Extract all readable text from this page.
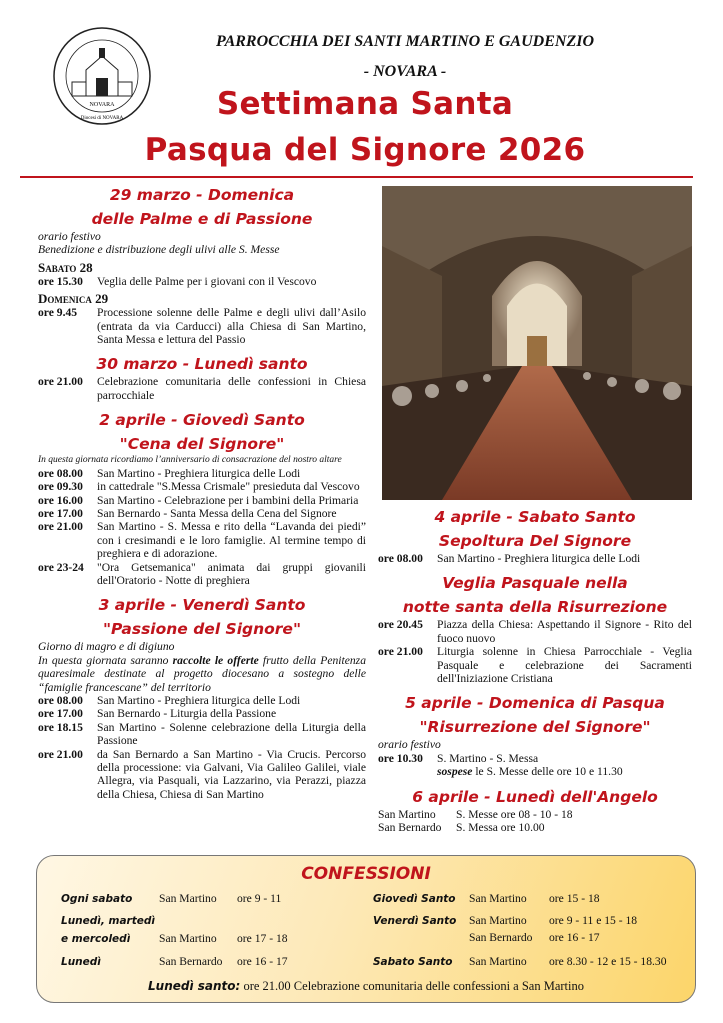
NOVARA
Diocesi di NOVARA
PARROCCHIA DEI SANTI MARTINO E GAUDENZIO
- NOVARA -
Settimana Santa
Pasqua del Signore 2026
29 marzo - Domenica
delle Palme e di Passione
orario festivo
Benedizione e distribuzione degli ulivi alle S. Messe
Sabato 28
ore 15.30	Veglia delle Palme per i giovani con il Vescovo
Domenica 29
ore 9.45	Processione solenne delle Palme e degli ulivi dall’Asilo (entrata da via Carducci) alla Chiesa di San Martino, Santa Messa e lettura del Passio
30 marzo - Lunedì santo
ore 21.00	Celebrazione comunitaria delle confessioni in Chiesa parrocchiale
2 aprile - Giovedì Santo
"Cena del Signore"
In questa giornata ricordiamo l’anniversario di consacrazione del nostro altare
ore 08.00	San Martino - Preghiera liturgica delle Lodi
ore 09.30	in cattedrale "S.Messa Crismale" presieduta dal Vescovo
ore 16.00	San Martino - Celebrazione per i bambini della Primaria
ore 17.00	San Bernardo - Santa Messa della Cena del Signore
ore 21.00	San Martino - S. Messa e rito della “Lavanda dei piedi” con i cresimandi e le loro famiglie. Al termine tempo di preghiera e di adorazione.
ore 23-24	"Ora Getsemanica" animata dai gruppi giovanili dell'Oratorio - Notte di preghiera
3 aprile - Venerdì Santo
"Passione del Signore"
Giorno di magro e di digiuno
In questa giornata saranno raccolte le offerte frutto della Penitenza quaresimale destinate al progetto diocesano a sostegno delle “famiglie francescane” del territorio
ore 08.00	San Martino - Preghiera liturgica delle Lodi
ore 17.00	San Bernardo - Liturgia della Passione
ore 18.15	San Martino - Solenne celebrazione della Liturgia della Passione
ore 21.00	da San Bernardo a San Martino - Via Crucis. Percorso della processione: via Galvani, Via Galileo Galilei, viale Allegra, via Pasquali, via Lazzarino, via Perazzi, piazza della Chiesa, Chiesa di San Martino
4 aprile - Sabato Santo
Sepoltura Del Signore
ore 08.00	San Martino - Preghiera liturgica delle Lodi
Veglia Pasquale nella
notte santa della Risurrezione
ore 20.45	Piazza della Chiesa: Aspettando il Signore - Rito del fuoco nuovo
ore 21.00	Liturgia solenne in Chiesa Parrocchiale - Veglia Pasquale e celebrazione dei Sacramenti dell'Iniziazione Cristiana
5 aprile - Domenica di Pasqua
"Risurrezione del Signore"
orario festivo
ore 10.30	S. Martino - S. Messa
sospese le S. Messe delle ore 10 e 11.30
6 aprile - Lunedì dell'Angelo
San Martino	S. Messe ore 08 - 10 - 18
San Bernardo	S. Messa ore 10.00
CONFESSIONI
Ogni sabato San Martino ore 9 - 11
Lunedì, martedì
e mercoledì San Martino ore 17 - 18
Lunedì	San Bernardo ore 16 - 17
Giovedì Santo San Martino ore 15 - 18
Venerdì Santo San Martino ore 9 - 11 e 15 - 18
San Bernardo ore 16 - 17
Sabato Santo San Martino ore 8.30 - 12 e 15 - 18.30
Lunedì santo: ore 21.00 Celebrazione comunitaria delle confessioni a San Martino
